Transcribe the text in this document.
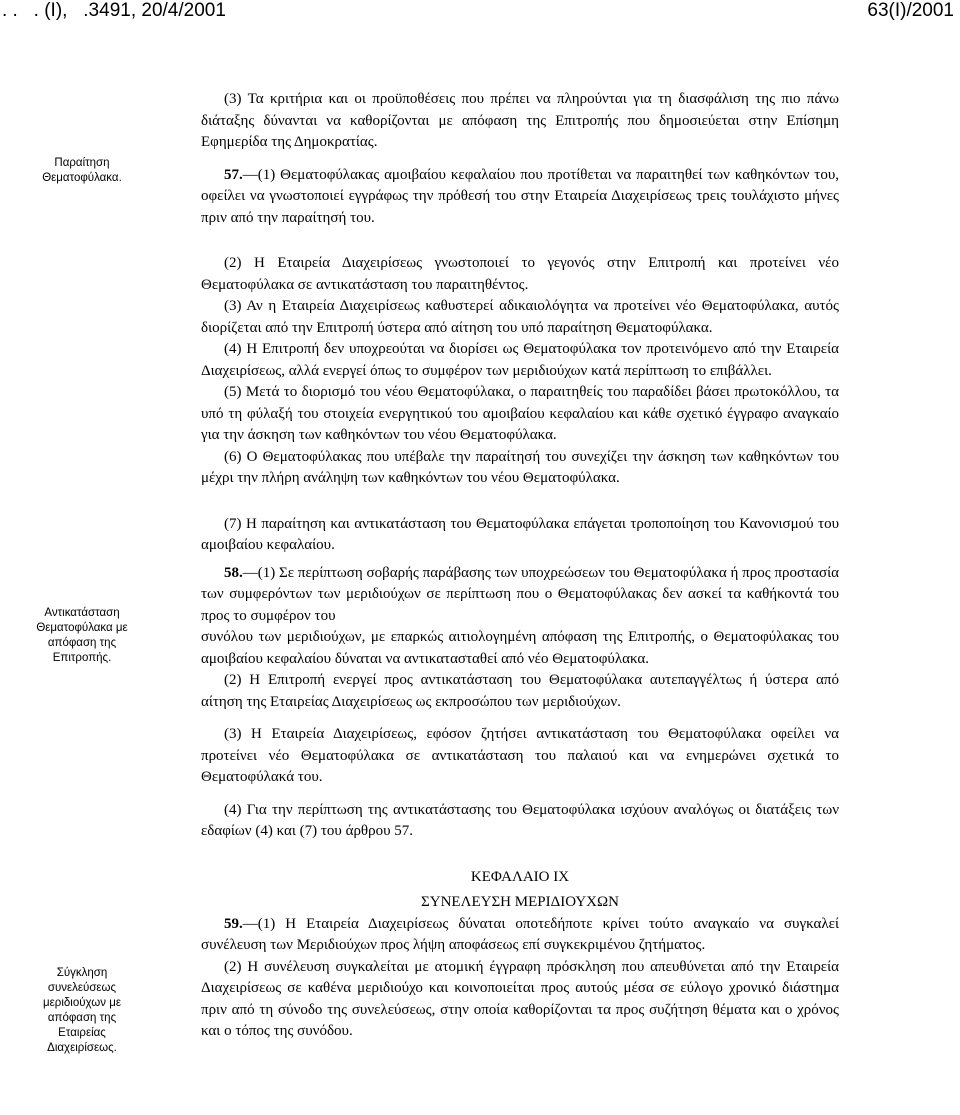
. .   . (Ι),   .3491, 20/4/2001	63(Ι)/2001
Παραίτηση
Θεματοφύλακα.
Αντικατάσταση
Θεματοφύλακα με
απόφαση της
Επιτροπής.
Σύγκληση
συνελεύσεως
μεριδιούχων με
απόφαση της
Εταιρείας
Διαχειρίσεως.

(3) Τα κριτήρια και οι προϋποθέσεις που πρέπει να πληρούνται για τη διασφάλιση της πιο πάνω διάταξης δύνανται να καθορίζονται με απόφαση της Επιτροπής που δημοσιεύεται στην Επίσημη Εφημερίδα της Δημοκρατίας.

57.—(1) Θεματοφύλακας αμοιβαίου κεφαλαίου που προτίθεται να παραιτηθεί των καθηκόντων του, οφείλει να γνωστοποιεί εγγράφως την πρόθεσή του στην Εταιρεία Διαχειρίσεως τρεις τουλάχιστο μήνες πριν από την παραίτησή του.

(2) Η Εταιρεία Διαχειρίσεως γνωστοποιεί το γεγονός στην Επιτροπή και προτείνει νέο Θεματοφύλακα σε αντικατάσταση του παραιτηθέντος.

(3) Αν η Εταιρεία Διαχειρίσεως καθυστερεί αδικαιολόγητα να προτείνει νέο Θεματοφύλακα, αυτός διορίζεται από την Επιτροπή ύστερα από αίτηση του υπό παραίτηση Θεματοφύλακα.

(4) Η Επιτροπή δεν υποχρεούται να διορίσει ως Θεματοφύλακα τον προτεινόμενο από την Εταιρεία Διαχειρίσεως, αλλά ενεργεί όπως το συμφέρον των μεριδιούχων κατά περίπτωση το επιβάλλει.

(5) Μετά το διορισμό του νέου Θεματοφύλακα, ο παραιτηθείς του παραδίδει βάσει πρωτοκόλλου, τα υπό τη φύλαξή του στοιχεία ενεργητικού του αμοιβαίου κεφαλαίου και κάθε σχετικό έγγραφο αναγκαίο για την άσκηση των καθηκόντων του νέου Θεματοφύλακα.

(6) Ο Θεματοφύλακας που υπέβαλε την παραίτησή του συνεχίζει την άσκηση των καθηκόντων του μέχρι την πλήρη ανάληψη των καθηκόντων του νέου Θεματοφύλακα.

(7) Η παραίτηση και αντικατάσταση του Θεματοφύλακα επάγεται τροποποίηση του Κανονισμού του αμοιβαίου κεφαλαίου.

58.—(1) Σε περίπτωση σοβαρής παράβασης των υποχρεώσεων του Θεματοφύλακα ή προς προστασία των συμφερόντων των μεριδιούχων σε περίπτωση που ο Θεματοφύλακας δεν ασκεί τα καθήκοντά του προς το συμφέρον του

συνόλου των μεριδιούχων, με επαρκώς αιτιολογημένη απόφαση της Επιτροπής, ο Θεματοφύλακας του αμοιβαίου κεφαλαίου δύναται να αντικατασταθεί από νέο Θεματοφύλακα.

(2) Η Επιτροπή ενεργεί προς αντικατάσταση του Θεματοφύλακα αυτεπαγγέλτως ή ύστερα από αίτηση της Εταιρείας Διαχειρίσεως ως εκπροσώπου των μεριδιούχων.

(3) Η Εταιρεία Διαχειρίσεως, εφόσον ζητήσει αντικατάσταση του Θεματοφύλακα οφείλει να προτείνει νέο Θεματοφύλακα σε αντικατάσταση του παλαιού και να ενημερώνει σχετικά το Θεματοφύλακά του.

(4) Για την περίπτωση της αντικατάστασης του Θεματοφύλακα ισχύουν αναλόγως οι διατάξεις των εδαφίων (4) και (7) του άρθρου 57.

ΚΕΦΑΛΑΙΟ IX

ΣΥΝΕΛΕΥΣΗ ΜΕΡΙΔΙΟΥΧΩΝ

59.—(1) Η Εταιρεία Διαχειρίσεως δύναται οποτεδήποτε κρίνει τούτο αναγκαίο να συγκαλεί συνέλευση των Μεριδιούχων προς λήψη αποφάσεως επί συγκεκριμένου ζητήματος.

(2) Η συνέλευση συγκαλείται με ατομική έγγραφη πρόσκληση που απευθύνεται από την Εταιρεία Διαχειρίσεως σε καθένα μεριδιούχο και κοινοποιείται προς αυτούς μέσα σε εύλογο χρονικό διάστημα πριν από τη σύνοδο της συνελεύσεως, στην οποία καθορίζονται τα προς συζήτηση θέματα και ο χρόνος και ο τόπος της συνόδου.
